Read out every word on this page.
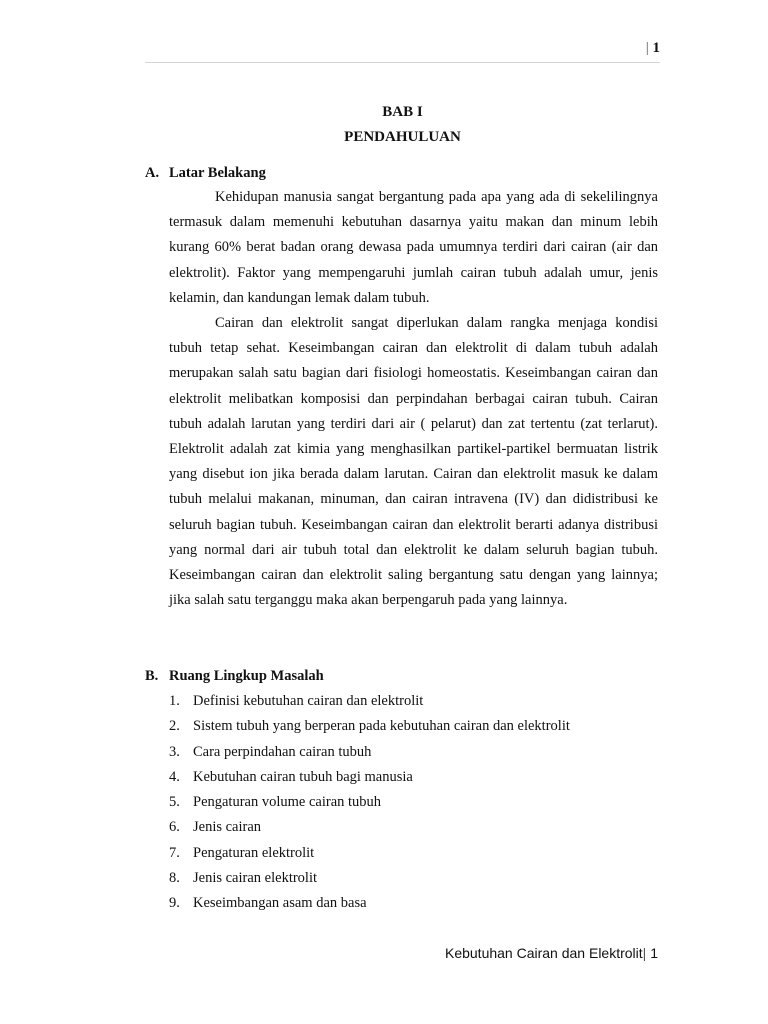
| 1
BAB I
PENDAHULUAN
A. Latar Belakang

Kehidupan manusia sangat bergantung pada apa yang ada di sekelilingnya termasuk dalam memenuhi kebutuhan dasarnya yaitu makan dan minum lebih kurang 60% berat badan orang dewasa pada umumnya terdiri dari cairan (air dan elektrolit). Faktor yang mempengaruhi jumlah cairan tubuh adalah umur, jenis kelamin, dan kandungan lemak dalam tubuh.

Cairan dan elektrolit sangat diperlukan dalam rangka menjaga kondisi tubuh tetap sehat. Keseimbangan cairan dan elektrolit di dalam tubuh adalah merupakan salah satu bagian dari fisiologi homeostatis. Keseimbangan cairan dan elektrolit melibatkan komposisi dan perpindahan berbagai cairan tubuh. Cairan tubuh adalah larutan yang terdiri dari air ( pelarut) dan zat tertentu (zat terlarut). Elektrolit adalah zat kimia yang menghasilkan partikel-partikel bermuatan listrik yang disebut ion jika berada dalam larutan. Cairan dan elektrolit masuk ke dalam tubuh melalui makanan, minuman, dan cairan intravena (IV) dan didistribusi ke seluruh bagian tubuh. Keseimbangan cairan dan elektrolit berarti adanya distribusi yang normal dari air tubuh total dan elektrolit ke dalam seluruh bagian tubuh. Keseimbangan cairan dan elektrolit saling bergantung satu dengan yang lainnya; jika salah satu terganggu maka akan berpengaruh pada yang lainnya.

B. Ruang Lingkup Masalah
1. Definisi kebutuhan cairan dan elektrolit
2. Sistem tubuh yang berperan pada kebutuhan cairan dan elektrolit
3. Cara perpindahan cairan tubuh
4. Kebutuhan cairan tubuh bagi manusia
5. Pengaturan volume cairan tubuh
6. Jenis cairan
7. Pengaturan elektrolit
8. Jenis cairan elektrolit
9. Keseimbangan asam dan basa
Kebutuhan Cairan dan Elektrolit| 1
